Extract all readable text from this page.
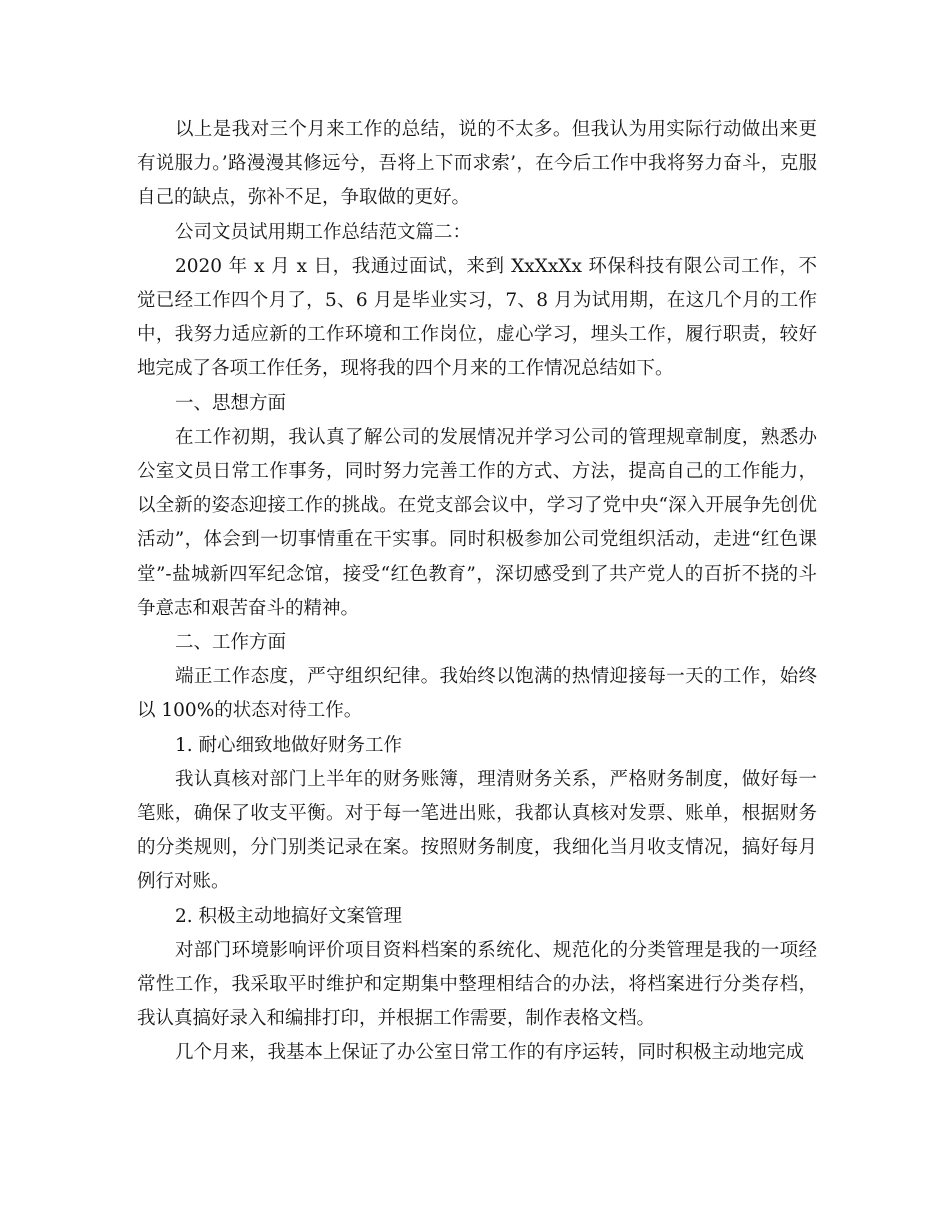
以上是我对三个月来工作的总结，说的不太多。但我认为用实际行动做出来更有说服力。’路漫漫其修远兮，吾将上下而求索’，在今后工作中我将努力奋斗，克服自己的缺点，弥补不足，争取做的更好。

公司文员试用期工作总结范文篇二：

2020 年 x 月 x 日，我通过面试，来到 XxXxXx 环保科技有限公司工作，不觉已经工作四个月了，5、6 月是毕业实习，7、8 月为试用期，在这几个月的工作中，我努力适应新的工作环境和工作岗位，虚心学习，埋头工作，履行职责，较好地完成了各项工作任务，现将我的四个月来的工作情况总结如下。

一、思想方面

在工作初期，我认真了解公司的发展情况并学习公司的管理规章制度，熟悉办公室文员日常工作事务，同时努力完善工作的方式、方法，提高自己的工作能力，以全新的姿态迎接工作的挑战。在党支部会议中，学习了党中央“深入开展争先创优活动”，体会到一切事情重在干实事。同时积极参加公司党组织活动，走进“红色课堂”-盐城新四军纪念馆，接受“红色教育”，深切感受到了共产党人的百折不挠的斗争意志和艰苦奋斗的精神。

二、工作方面

端正工作态度，严守组织纪律。我始终以饱满的热情迎接每一天的工作，始终以 100%的状态对待工作。

1. 耐心细致地做好财务工作

我认真核对部门上半年的财务账簿，理清财务关系，严格财务制度，做好每一笔账，确保了收支平衡。对于每一笔进出账，我都认真核对发票、账单，根据财务的分类规则，分门别类记录在案。按照财务制度，我细化当月收支情况，搞好每月例行对账。

2. 积极主动地搞好文案管理

对部门环境影响评价项目资料档案的系统化、规范化的分类管理是我的一项经常性工作，我采取平时维护和定期集中整理相结合的办法，将档案进行分类存档，我认真搞好录入和编排打印，并根据工作需要，制作表格文档。

几个月来，我基本上保证了办公室日常工作的有序运转，同时积极主动地完成
